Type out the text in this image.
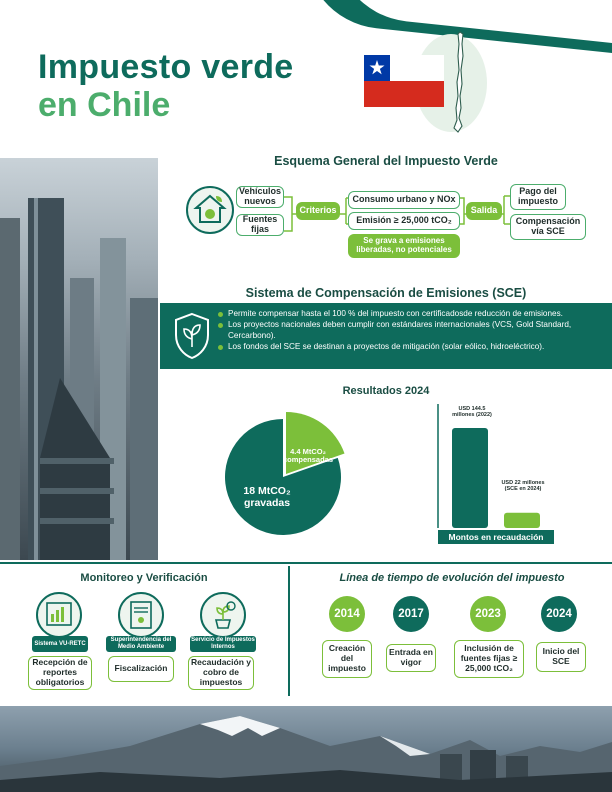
Impuesto verde
en Chile
Esquema General del Impuesto Verde
Vehículos nuevos
Fuentes fijas
Criterios
Consumo urbano y NOx
Emisión ≥ 25,000 tCO₂
Se grava a emisiones liberadas, no potenciales
Salida
Pago del impuesto
Compensación vía SCE
Sistema de Compensación de Emisiones (SCE)
Permite compensar hasta el 100 % del impuesto con certificadosde reducción de emisiones.
Los proyectos nacionales deben cumplir con estándares internacionales (VCS, Gold Standard, Cercarbono).
Los fondos del SCE se destinan a proyectos de mitigación (solar eólico, hidroeléctrico).
Resultados 2024
18 MtCO₂ gravadas
4.4 MtCO₂ compensadas
USD 144.5 millones (2022)
USD 22 millones (SCE en 2024)
Montos en recaudación
Monitoreo y Verificación
Sistema VU-RETC
Superintendencia del Medio Ambiente
Servicio de Impuestos Internos
Recepción de reportes obligatorios
Fiscalización
Recaudación y cobro de impuestos
Línea de tiempo de evolución del impuesto
2014	2017	2023	2024
Creación del impuesto
Entrada en vigor
Inclusión de fuentes fijas ≥ 25,000 tCO₂
Inicio del SCE
